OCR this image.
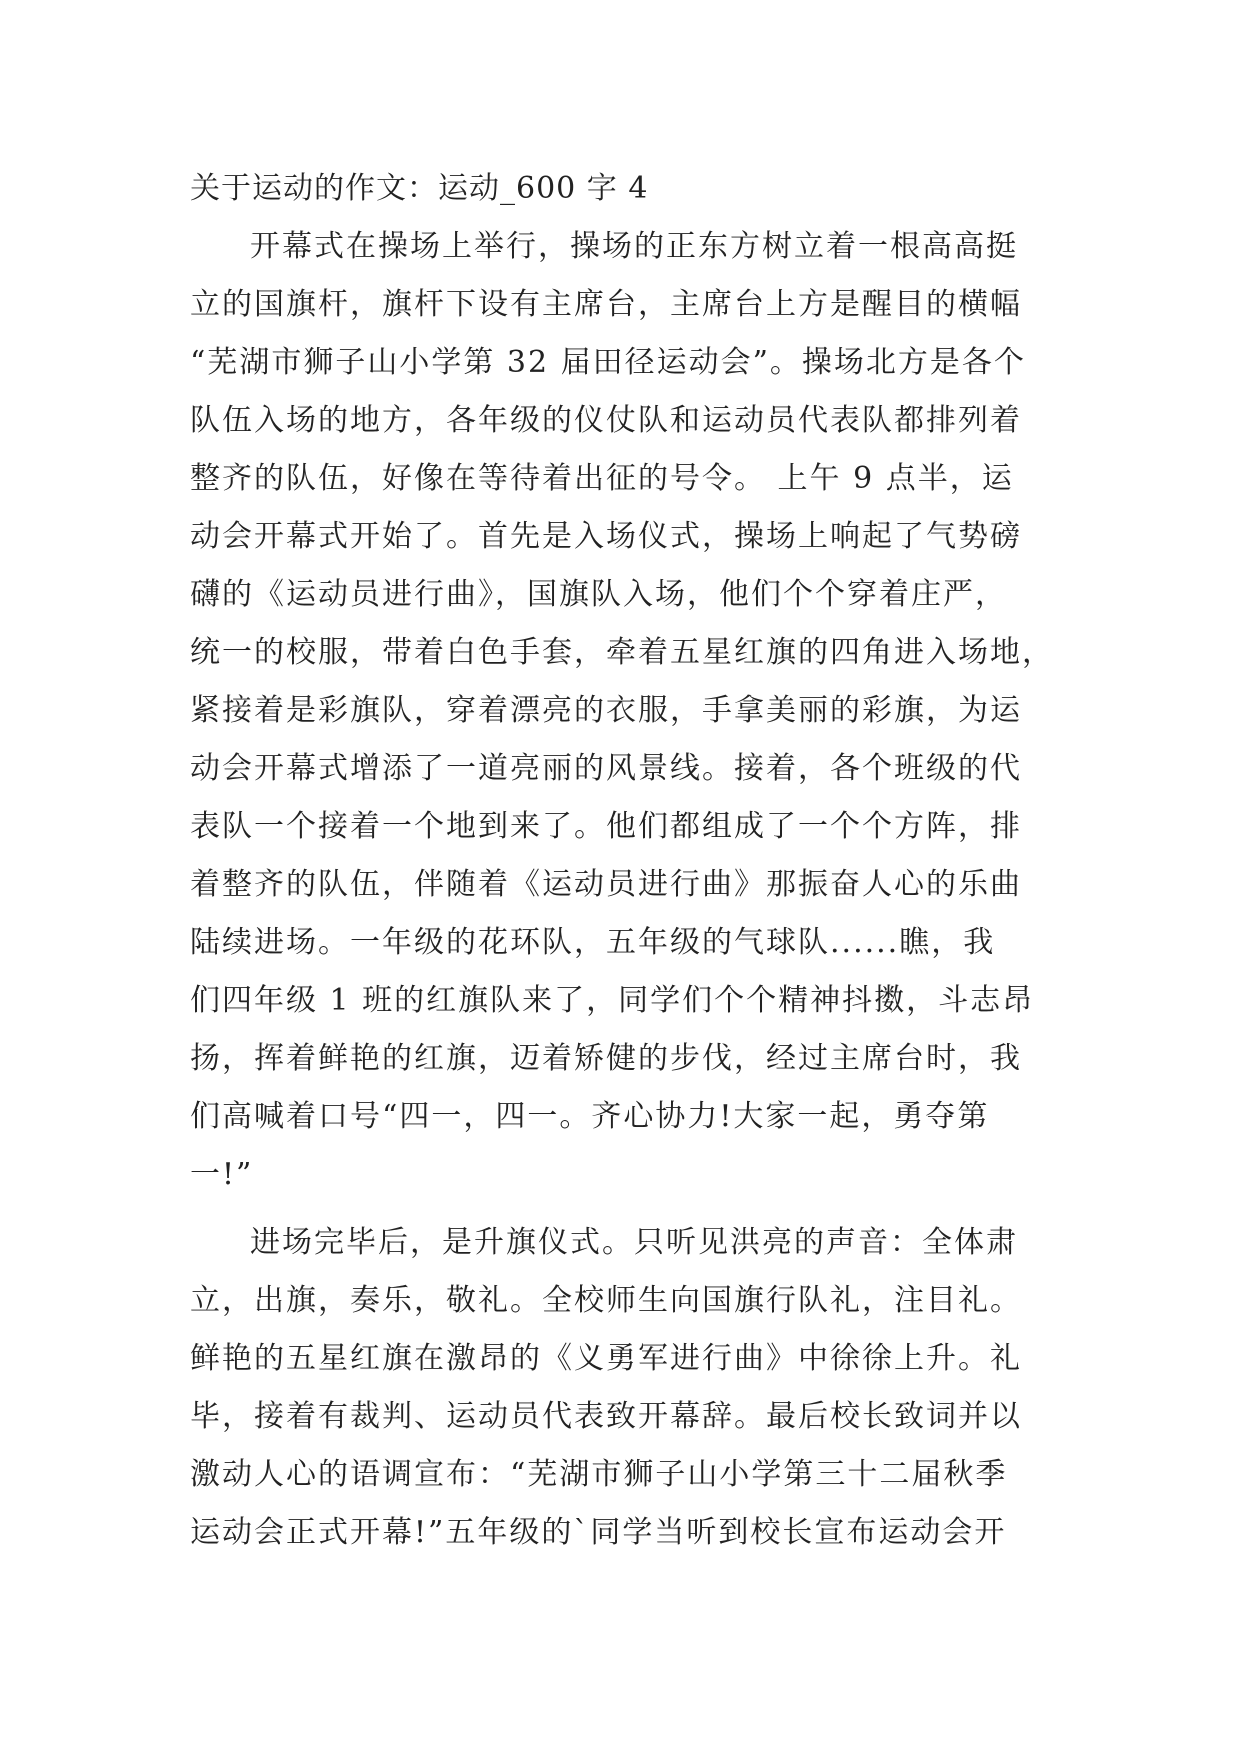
关于运动的作文：运动_600 字 4
开幕式在操场上举行，操场的正东方树立着一根高高挺
立的国旗杆，旗杆下设有主席台，主席台上方是醒目的横幅
“芜湖市狮子山小学第 32 届田径运动会”。操场北方是各个
队伍入场的地方，各年级的仪仗队和运动员代表队都排列着
整齐的队伍，好像在等待着出征的号令。 上午 9 点半，运
动会开幕式开始了。首先是入场仪式，操场上响起了气势磅
礴的《运动员进行曲》，国旗队入场，他们个个穿着庄严，
统一的校服，带着白色手套，牵着五星红旗的四角进入场地，
紧接着是彩旗队，穿着漂亮的衣服，手拿美丽的彩旗，为运
动会开幕式增添了一道亮丽的风景线。接着，各个班级的代
表队一个接着一个地到来了。他们都组成了一个个方阵，排
着整齐的队伍，伴随着《运动员进行曲》那振奋人心的乐曲
陆续进场。一年级的花环队，五年级的气球队......瞧，我
们四年级 1 班的红旗队来了，同学们个个精神抖擞，斗志昂
扬，挥着鲜艳的红旗，迈着矫健的步伐，经过主席台时，我
们高喊着口号“四一，四一。齐心协力!大家一起，勇夺第
一!”
进场完毕后，是升旗仪式。只听见洪亮的声音：全体肃
立，出旗，奏乐，敬礼。全校师生向国旗行队礼，注目礼。
鲜艳的五星红旗在激昂的《义勇军进行曲》中徐徐上升。礼
毕，接着有裁判、运动员代表致开幕辞。最后校长致词并以
激动人心的语调宣布：“芜湖市狮子山小学第三十二届秋季
运动会正式开幕!”五年级的`同学当听到校长宣布运动会开
